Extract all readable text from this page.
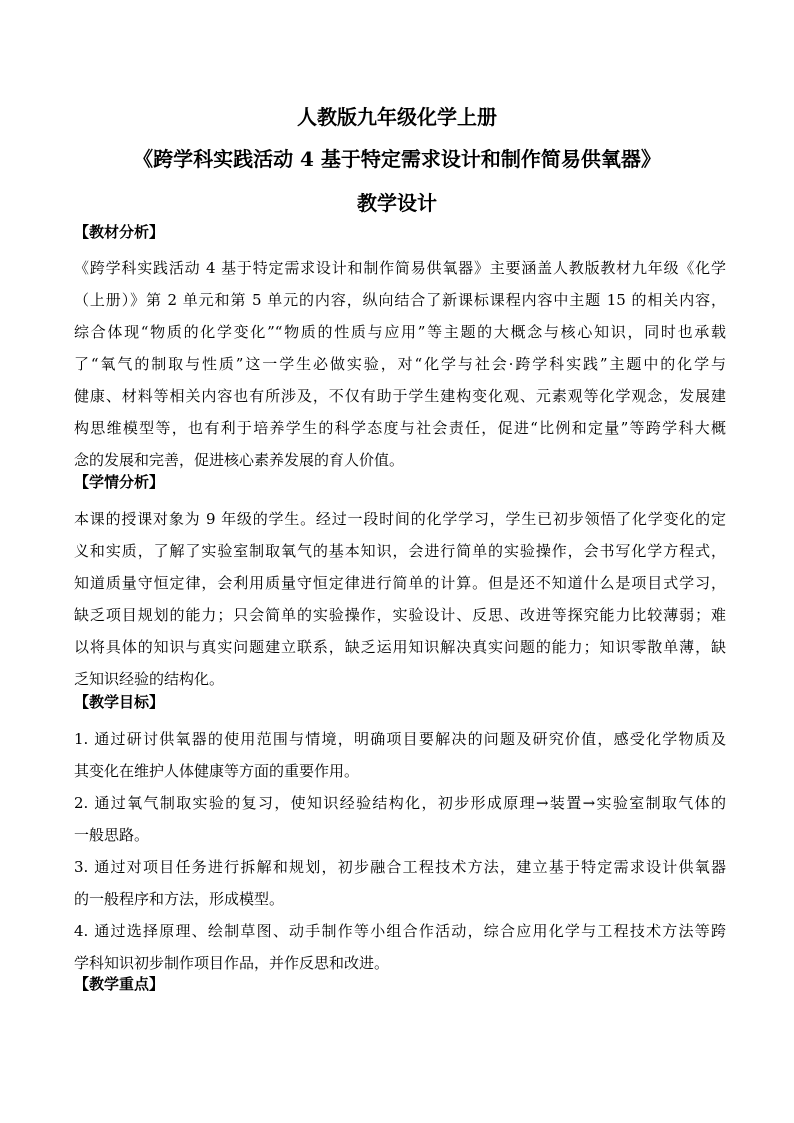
人教版九年级化学上册
《跨学科实践活动 4 基于特定需求设计和制作简易供氧器》
教学设计
【教材分析】
《跨学科实践活动 4 基于特定需求设计和制作简易供氧器》主要涵盖人教版教材九年级《化学
（上册）》第 2 单元和第 5 单元的内容，纵向结合了新课标课程内容中主题 15 的相关内容，
综合体现“物质的化学变化”“物质的性质与应用”等主题的大概念与核心知识，同时也承载
了“氧气的制取与性质”这一学生必做实验，对“化学与社会·跨学科实践”主题中的化学与
健康、材料等相关内容也有所涉及，不仅有助于学生建构变化观、元素观等化学观念，发展建
构思维模型等，也有利于培养学生的科学态度与社会责任，促进“比例和定量”等跨学科大概
念的发展和完善，促进核心素养发展的育人价值。
【学情分析】
本课的授课对象为 9 年级的学生。经过一段时间的化学学习，学生已初步领悟了化学变化的定
义和实质，了解了实验室制取氧气的基本知识，会进行简单的实验操作，会书写化学方程式，
知道质量守恒定律，会利用质量守恒定律进行简单的计算。但是还不知道什么是项目式学习，
缺乏项目规划的能力；只会简单的实验操作，实验设计、反思、改进等探究能力比较薄弱；难
以将具体的知识与真实问题建立联系，缺乏运用知识解决真实问题的能力；知识零散单薄，缺
乏知识经验的结构化。
【教学目标】
1. 通过研讨供氧器的使用范围与情境，明确项目要解决的问题及研究价值，感受化学物质及
其变化在维护人体健康等方面的重要作用。
2. 通过氧气制取实验的复习，使知识经验结构化，初步形成原理→装置→实验室制取气体的
一般思路。
3. 通过对项目任务进行拆解和规划，初步融合工程技术方法，建立基于特定需求设计供氧器
的一般程序和方法，形成模型。
4. 通过选择原理、绘制草图、动手制作等小组合作活动，综合应用化学与工程技术方法等跨
学科知识初步制作项目作品，并作反思和改进。
【教学重点】
